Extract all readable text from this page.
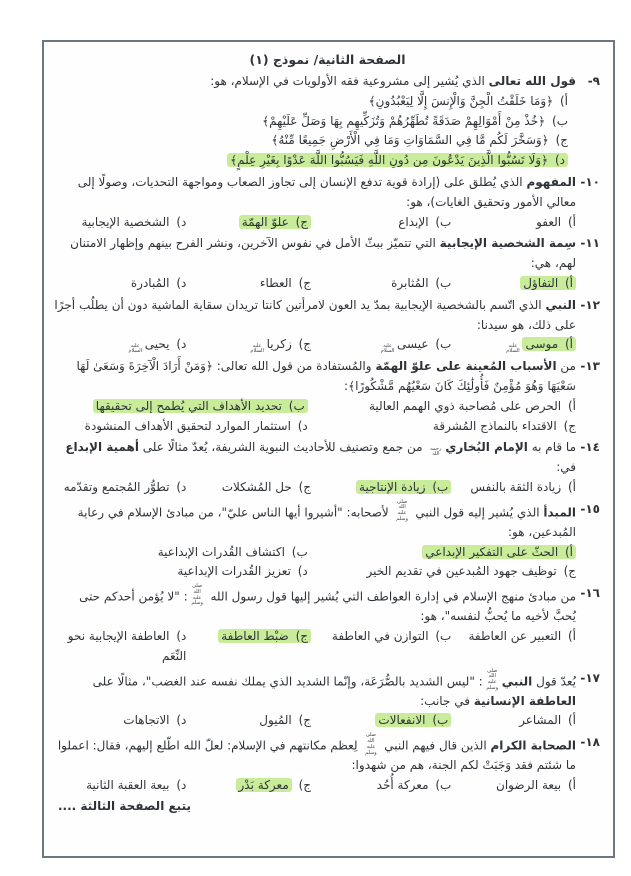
الصفحة الثانية/ نموذج (١)
٩-
قول الله تعالى الذي يُشير إلى مشروعية فقه الأولويات في الإسلام، هو:
أ) ﴿وَمَا خَلَقْتُ الْجِنَّ وَالْإِنسَ إِلَّا لِيَعْبُدُونِ﴾
ب) ﴿خُذْ مِنْ أَمْوَالِهِمْ صَدَقَةً تُطَهِّرُهُمْ وَتُزَكِّيهِم بِهَا وَصَلِّ عَلَيْهِمْ﴾
ج) ﴿وَسَخَّرَ لَكُم مَّا فِي السَّمَاوَاتِ وَمَا فِي الْأَرْضِ جَمِيعًا مِّنْهُ﴾
د) ﴿وَلَا تَسُبُّوا الَّذِينَ يَدْعُونَ مِن دُونِ اللَّهِ فَيَسُبُّوا اللَّهَ عَدْوًا بِغَيْرِ عِلْمٍ﴾
١٠-
المفهوم الذي يُطلق على (إرادة قوية تدفع الإنسان إلى تجاوز الصعاب ومواجهة التحديات، وصولًا إلى معالي الأمور وتحقيق الغايات)، هو:
أ) العفو
ب) الإبداع
ج) علوّ الهمّة
د) الشخصية الإيجابية
١١-
سِمة الشخصية الإيجابية التي تتميّز ببثّ الأمل في نفوس الآخرين، ونشر الفرح بينهم وإظهار الامتنان لهم، هي:
أ) التفاؤل
ب) المُثابرة
ج) العطاء
د) المُبادرة
١٢-
النبي الذي اتّسم بالشخصية الإيجابية بمدّ يد العون لامرأتين كانتا تريدان سقاية الماشية دون أن يطلُب أجرًا على ذلك، هو سيدنا:
أ) موسىعليه السلام
ب) عيسىعليه السلام
ج) زكرياعليه السلام
د) يحيىعليه السلام
١٣-
من الأسباب المُعينة على علوّ الهمّة والمُستفادة من قول الله تعالى: ﴿وَمَنْ أَرَادَ الْآخِرَةَ وَسَعَىٰ لَهَا سَعْيَهَا وَهُوَ مُؤْمِنٌ فَأُولَٰئِكَ كَانَ سَعْيُهُم مَّشْكُورًا﴾:
أ) الحرص على مُصاحبة ذوي الهمم العالية
ب) تحديد الأهداف التي يُطمح إلى تحقيقها
ج) الاقتداء بالنماذج المُشرقة
د) استثمار الموارد لتحقيق الأهداف المنشودة
١٤-
ما قام به الإمام البُخاريرحمه الله من جمع وتصنيف للأحاديث النبوية الشريفة، يُعدّ مثالًا على أهمية الإبداع في:
أ) زيادة الثقة بالنفس
ب) زيادة الإنتاجية
ج) حل المُشكلات
د) تطوُّر المُجتمع وتقدّمه
١٥-
المبدأ الذي يُشير إليه قول النبي صلى الله عليه وسلم لأصحابه: "أشيروا أيها الناس عليّ"، من مبادئ الإسلام في رعاية المُبدعين، هو:
أ) الحثّ على التفكير الإبداعي
ب) اكتشاف القُدرات الإبداعية
ج) توظيف جهود المُبدعين في تقديم الخير
د) تعزيز القُدرات الإبداعية
١٦-
من مبادئ منهج الإسلام في إدارة العواطف التي يُشير إليها قول رسول الله صلى الله عليه وسلم: "لا يُؤمن أحدكم حتى يُحبَّ لأخيه ما يُحبُّ لنفسه"، هو:
أ) التعبير عن العاطفة
ب) التوازن في العاطفة
ج) ضبْط العاطفة
د) العاطفة الإيجابية نحو النِّعَم
١٧-
يُعدّ قول النبيصلى الله عليه وسلم: "ليس الشديد بالصُّرَعَة، وإنّما الشديد الذي يملك نفسه عند الغضب"، مثالًا على العاطفة الإنسانية في جانب:
أ) المشاعر
ب) الانفعالات
ج) المُيول
د) الاتجاهات
١٨-
الصحابة الكرام الذين قال فيهم النبي صلى الله عليه وسلم لِعظم مكانتهم في الإسلام: لعلّ الله اطّلع إليهم، فقال: اعملوا ما شئتم فقد وَجَبَتْ لكم الجنة، هم من شهدوا:
أ) بيعة الرضوان
ب) معركة أُحُد
ج) معركة بَدْر
د) بيعة العقبة الثانية
يتبع الصفحة الثالثة ....
